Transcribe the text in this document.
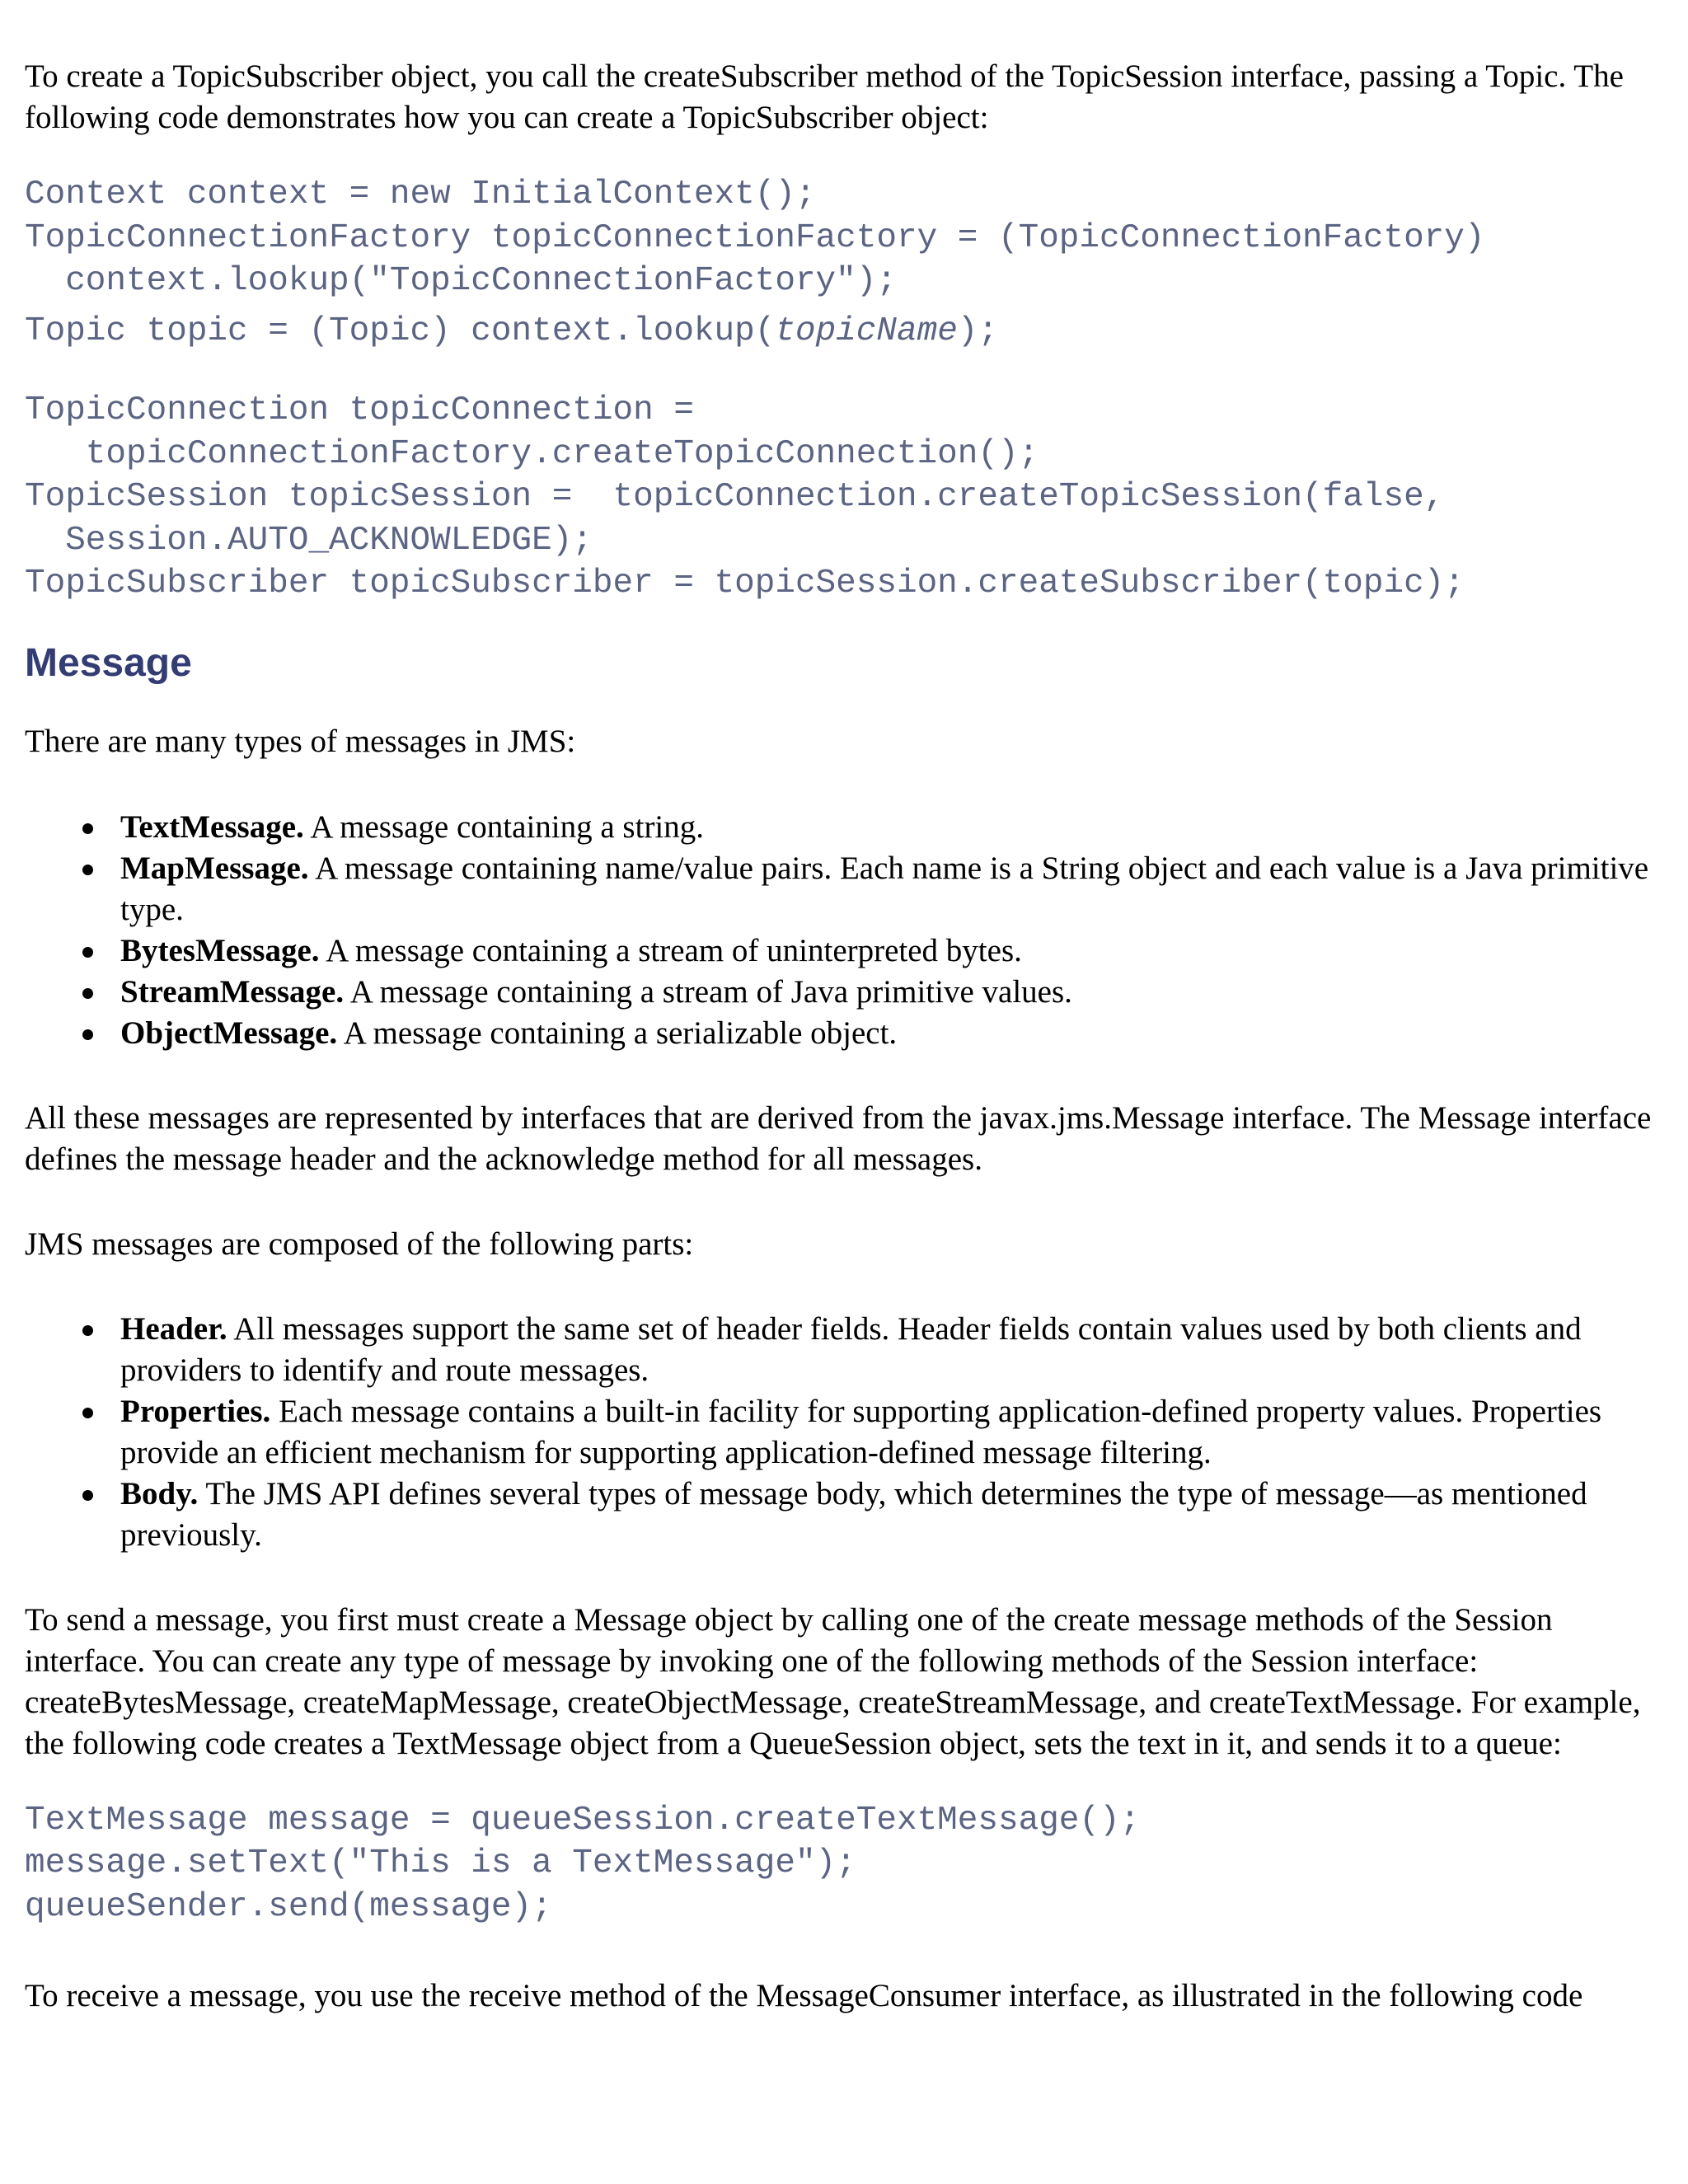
To create a TopicSubscriber object, you call the createSubscriber method of the TopicSession interface, passing a Topic. The following code demonstrates how you can create a TopicSubscriber object:

Context context = new InitialContext();
TopicConnectionFactory topicConnectionFactory = (TopicConnectionFactory)
context.lookup("TopicConnectionFactory");
Topic topic = (Topic) context.lookup(topicName);
TopicConnection topicConnection =
topicConnectionFactory.createTopicConnection();
TopicSession topicSession =  topicConnection.createTopicSession(false,
Session.AUTO_ACKNOWLEDGE);
TopicSubscriber topicSubscriber = topicSession.createSubscriber(topic);
Message

There are many types of messages in JMS:

TextMessage. A message containing a string.
MapMessage. A message containing name/value pairs. Each name is a String object and each value is a Java primitive type.
BytesMessage. A message containing a stream of uninterpreted bytes.
StreamMessage. A message containing a stream of Java primitive values.
ObjectMessage. A message containing a serializable object.

All these messages are represented by interfaces that are derived from the javax.jms.Message interface. The Message interface defines the message header and the acknowledge method for all messages.

JMS messages are composed of the following parts:

Header. All messages support the same set of header fields. Header fields contain values used by both clients and providers to identify and route messages.
Properties. Each message contains a built-in facility for supporting application-defined property values. Properties provide an efficient mechanism for supporting application-defined message filtering.
Body. The JMS API defines several types of message body, which determines the type of message—as mentioned previously.

To send a message, you first must create a Message object by calling one of the create message methods of the Session interface. You can create any type of message by invoking one of the following methods of the Session interface: createBytesMessage, createMapMessage, createObjectMessage, createStreamMessage, and createTextMessage. For example, the following code creates a TextMessage object from a QueueSession object, sets the text in it, and sends it to a queue:

TextMessage message = queueSession.createTextMessage();
message.setText("This is a TextMessage");
queueSender.send(message);

To receive a message, you use the receive method of the MessageConsumer interface, as illustrated in the following code
